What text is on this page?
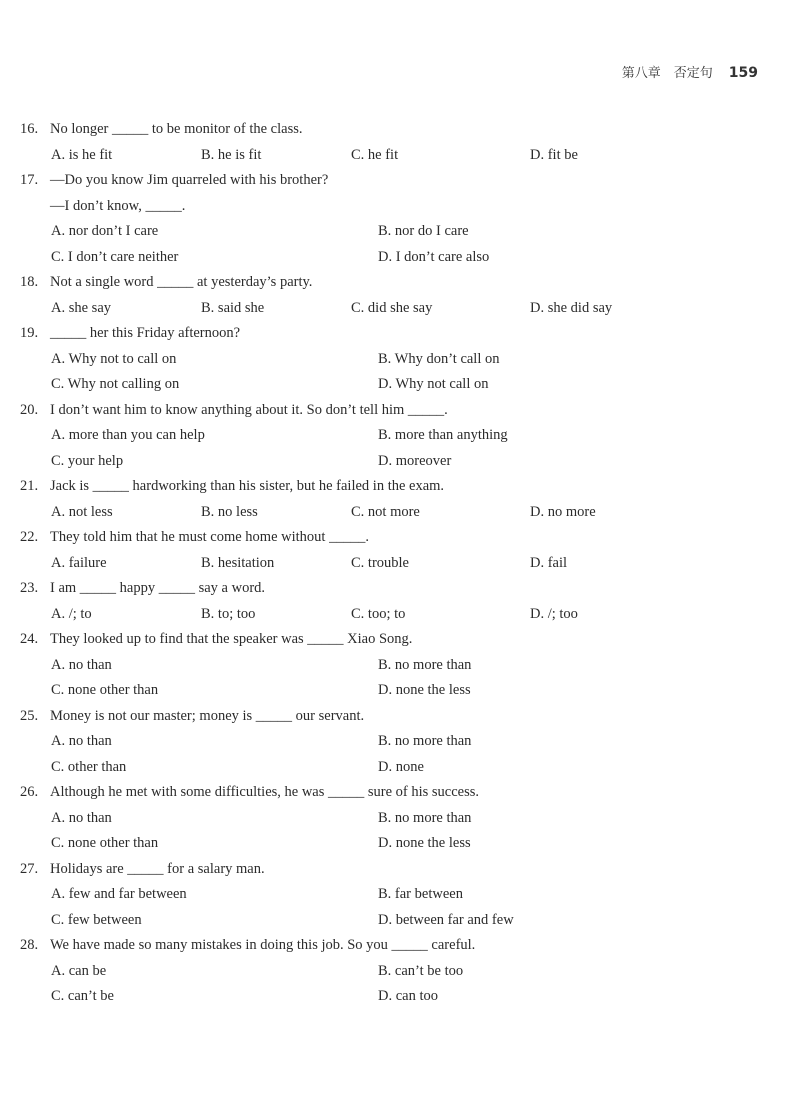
第八章　否定句 159
16. No longer _____ to be monitor of the class.
A. is he fit	B. he is fit	C. he fit	D. fit be
17. —Do you know Jim quarreled with his brother?
—I don’t know, _____.
A. nor don’t I care	B. nor do I care
C. I don’t care neither	D. I don’t care also
18. Not a single word _____ at yesterday’s party.
A. she say	B. said she	C. did she say	D. she did say
19. _____ her this Friday afternoon?
A. Why not to call on	B. Why don’t call on
C. Why not calling on	D. Why not call on
20. I don’t want him to know anything about it. So don’t tell him _____.
A. more than you can help	B. more than anything
C. your help	D. moreover
21. Jack is _____ hardworking than his sister, but he failed in the exam.
A. not less	B. no less	C. not more	D. no more
22. They told him that he must come home without _____.
A. failure	B. hesitation	C. trouble	D. fail
23. I am _____ happy _____ say a word.
A. /; to	B. to; too	C. too; to	D. /; too
24. They looked up to find that the speaker was _____ Xiao Song.
A. no than	B. no more than
C. none other than	D. none the less
25. Money is not our master; money is _____ our servant.
A. no than	B. no more than
C. other than	D. none
26. Although he met with some difficulties, he was _____ sure of his success.
A. no than	B. no more than
C. none other than	D. none the less
27. Holidays are _____ for a salary man.
A. few and far between	B. far between
C. few between	D. between far and few
28. We have made so many mistakes in doing this job. So you _____ careful.
A. can be	B. can’t be too
C. can’t be	D. can too
